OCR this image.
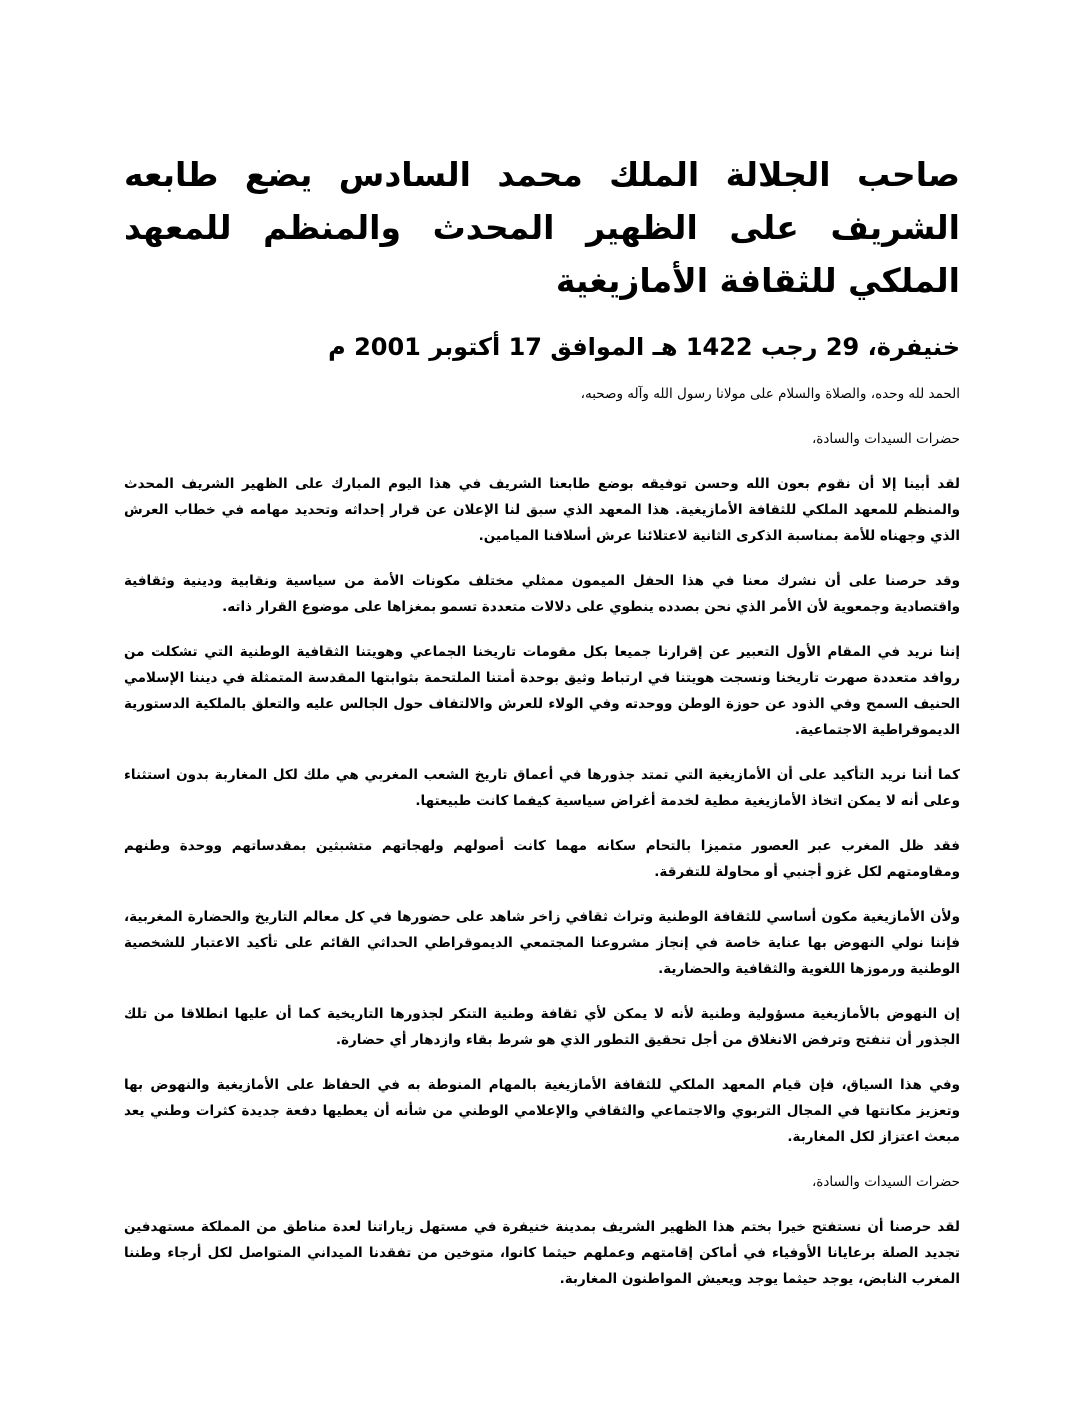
صاحب الجلالة الملك محمد السادس يضع طابعه الشريف على الظهير المحدث والمنظم للمعهد الملكي للثقافة الأمازيغية
خنيفرة، 29 رجب 1422 هـ الموافق 17 أكتوبر 2001 م

الحمد لله وحده، والصلاة والسلام على مولانا رسول الله وآله وصحبه،

حضرات السيدات والسادة،

لقد أبينا إلا أن نقوم بعون الله وحسن توفيقه بوضع طابعنا الشريف في هذا اليوم المبارك على الظهير الشريف المحدث والمنظم للمعهد الملكي للثقافة الأمازيغية. هذا المعهد الذي سبق لنا الإعلان عن قرار إحداثه وتحديد مهامه في خطاب العرش الذي وجهناه للأمة بمناسبة الذكرى الثانية لاعتلائنا عرش أسلافنا الميامين.

وقد حرصنا على أن نشرك معنا في هذا الحفل الميمون ممثلي مختلف مكونات الأمة من سياسية ونقابية ودينية وثقافية واقتصادية وجمعوية لأن الأمر الذي نحن بصدده ينطوي على دلالات متعددة تسمو بمغزاها على موضوع القرار ذاته.

إننا نريد في المقام الأول التعبير عن إقرارنا جميعا بكل مقومات تاريخنا الجماعي وهويتنا الثقافية الوطنية التي تشكلت من روافد متعددة صهرت تاريخنا ونسجت هويتنا في ارتباط وثيق بوحدة أمتنا الملتحمة بثوابتها المقدسة المتمثلة في ديننا الإسلامي الحنيف السمح وفي الذود عن حوزة الوطن ووحدته وفي الولاء للعرش والالتفاف حول الجالس عليه والتعلق بالملكية الدستورية الديموقراطية الاجتماعية.

كما أننا نريد التأكيد على أن الأمازيغية التي تمتد جذورها في أعماق تاريخ الشعب المغربي هي ملك لكل المغاربة بدون استثناء وعلى أنه لا يمكن اتخاذ الأمازيغية مطية لخدمة أغراض سياسية كيفما كانت طبيعتها.

فقد ظل المغرب عبر العصور متميزا بالتحام سكانه مهما كانت أصولهم ولهجاتهم متشبثين بمقدساتهم ووحدة وطنهم ومقاومتهم لكل غزو أجنبي أو محاولة للتفرقة.

ولأن الأمازيغية مكون أساسي للثقافة الوطنية وتراث ثقافي زاخر شاهد على حضورها في كل معالم التاريخ والحضارة المغربية، فإننا نولي النهوض بها عناية خاصة في إنجاز مشروعنا المجتمعي الديموقراطي الحداثي القائم على تأكيد الاعتبار للشخصية الوطنية ورموزها اللغوية والثقافية والحضارية.

إن النهوض بالأمازيغية مسؤولية وطنية لأنه لا يمكن لأي ثقافة وطنية التنكر لجذورها التاريخية كما أن عليها انطلاقا من تلك الجذور أن تنفتح وترفض الانغلاق من أجل تحقيق التطور الذي هو شرط بقاء وازدهار أي حضارة.

وفي هذا السياق، فإن قيام المعهد الملكي للثقافة الأمازيغية بالمهام المنوطة به في الحفاظ على الأمازيغية والنهوض بها وتعزيز مكانتها في المجال التربوي والاجتماعي والثقافي والإعلامي الوطني من شأنه أن يعطيها دفعة جديدة كثرات وطني يعد مبعث اعتزاز لكل المغاربة.

حضرات السيدات والسادة،

لقد حرصنا أن نستفتح خيرا بختم هذا الظهير الشريف بمدينة خنيفرة في مستهل زياراتنا لعدة مناطق من المملكة مستهدفين تجديد الصلة برعايانا الأوفياء في أماكن إقامتهم وعملهم حيثما كانوا، متوخين من تفقدنا الميداني المتواصل لكل أرجاء وطننا المغرب النابض، يوجد حيثما يوجد ويعيش المواطنون المغاربة.
